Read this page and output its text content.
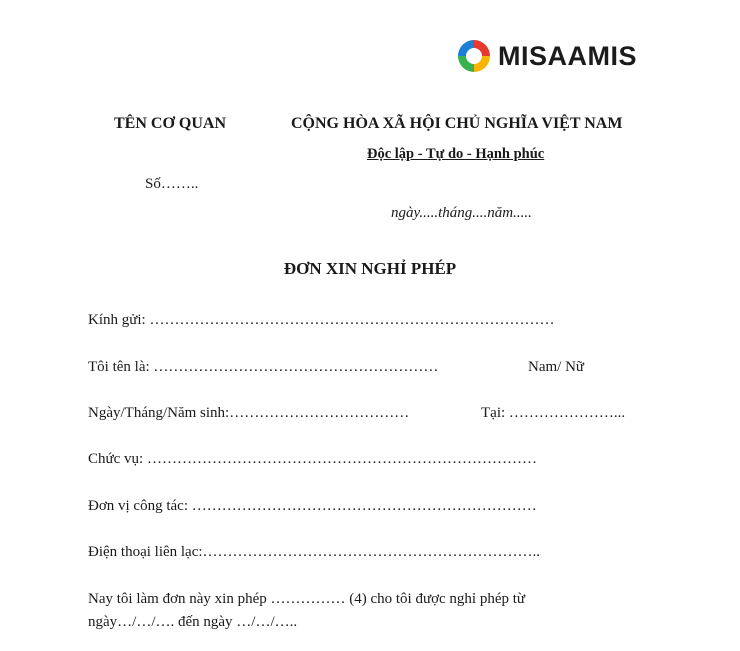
MISAAMIS
TÊN CƠ QUAN	CỘNG HÒA XÃ HỘI CHỦ NGHĨA VIỆT NAM
Độc lập - Tự do - Hạnh phúc
Số……..
ngày.....tháng....năm.....
ĐƠN XIN NGHỈ PHÉP
Kính gửi: ………………………………………………………………………
Tôi tên là: …………………………………………………	Nam/ Nữ
Ngày/Tháng/Năm sinh:………………………………	Tại: …………………...
Chức vụ: ……………………………………………………………………
Đơn vị công tác: ……………………………………………………………
Điện thoại liên lạc:…………………………………………………………..
Nay tôi làm đơn này xin phép …………… (4) cho tôi được nghỉ phép từ
ngày…/…/…. đến ngày …/…/…..
